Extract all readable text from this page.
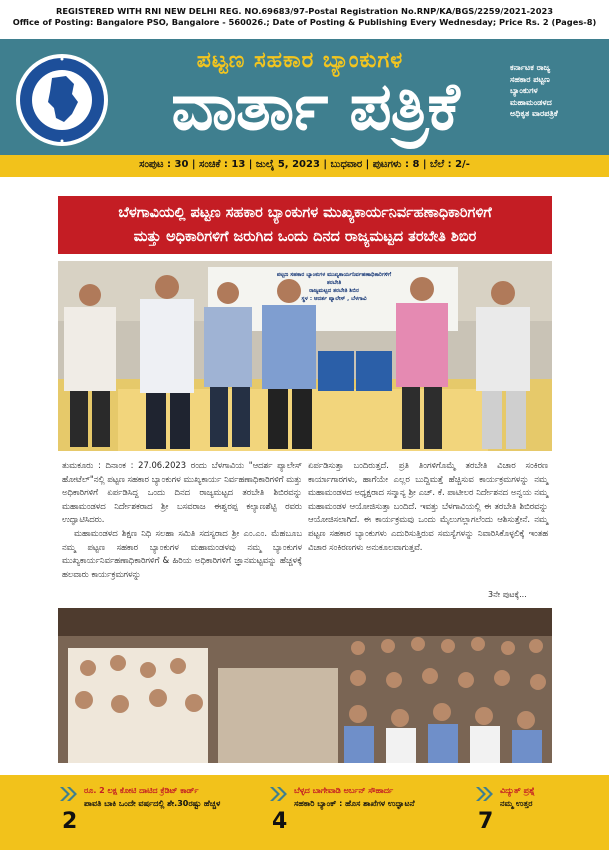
REGISTERED WITH RNI NEW DELHI REG. NO.69683/97-Postal Registration No.RNP/KA/BGS/2259/2021-2023
Office of Posting: Bangalore PSO, Bangalore - 560026.; Date of Posting & Publishing Every Wednesday; Price Rs. 2 (Pages-8)
ಪಟ್ಟಣ ಸಹಕಾರ ಬ್ಯಾಂಕುಗಳ
ವಾರ್ತಾ ಪತ್ರಿಕೆ	ಕರ್ನಾಟಕ ರಾಜ್ಯ
ಸಹಕಾರ ಪಟ್ಟಣ
ಬ್ಯಾಂಕುಗಳ
ಮಹಾಮಂಡಳದ
ಅಧಿಕೃತ ವಾರಪತ್ರಿಕೆ
ಸಂಪುಟ : 30 | ಸಂಚಿಕೆ : 13 | ಜುಲೈ 5, 2023 | ಬುಧವಾರ | ಪುಟಗಳು : 8 | ಬೆಲೆ : 2/-
ಬೆಳಗಾವಿಯಲ್ಲಿ ಪಟ್ಟಣ ಸಹಕಾರ ಬ್ಯಾಂಕುಗಳ ಮುಖ್ಯಕಾರ್ಯನಿರ್ವಹಣಾಧಿಕಾರಿಗಳಿಗೆ
ಮತ್ತು ಅಧಿಕಾರಿಗಳಿಗೆ ಜರುಗಿದ ಒಂದು ದಿನದ ರಾಜ್ಯಮಟ್ಟದ ತರಬೇತಿ ಶಿಬಿರ
ಪಟ್ಟಣ ಸಹಕಾರ ಬ್ಯಾಂಕುಗಳ ಮುಖ್ಯಕಾರ್ಯನಿರ್ವಹಣಾಧಿಕಾರಿಗಳಿಗೆ
ತರಬೇತಿ
ರಾಜ್ಯಮಟ್ಟದ ತರಬೇತಿ ಶಿಬಿರ
ಸ್ಥಳ : ಆದರ್ಶ ಪ್ಯಾಲೇಸ್ , ಬೆಳಗಾವಿ

ತುಮಕೂರು : ದಿನಾಂಕ : 27.06.2023 ರಂದು ಬೆಳಗಾವಿಯ "ಆದರ್ಶ ಪ್ಯಾಲೇಸ್ ಹೋಟೆಲ್"ನಲ್ಲಿ ಪಟ್ಟಣ ಸಹಕಾರ ಬ್ಯಾಂಕುಗಳ ಮುಖ್ಯಕಾರ್ಯ ನಿರ್ವಹಣಾಧಿಕಾರಿಗಳಿಗೆ ಮತ್ತು ಅಧಿಕಾರಿಗಳಿಗೆ ಏರ್ಪಡಿಸಿದ್ದ ಒಂದು ದಿನದ ರಾಜ್ಯಮಟ್ಟದ ತರಬೇತಿ ಶಿಬಿರವನ್ನು ಮಹಾಮಂಡಳದ ನಿರ್ದೇಶಕರಾದ ಶ್ರೀ ಬಸವರಾಜ ಈಶ್ವರಪ್ಪ ಕಲ್ಯಾಣಶೆಟ್ಟಿ ರವರು ಉದ್ಘಾಟಿಸಿದರು.

ಮಹಾಮಂಡಳದ ಶಿಕ್ಷಣ ನಿಧಿ ಸಲಹಾ ಸಮಿತಿ ಸದಸ್ಯರಾದ ಶ್ರೀ ಎಂ.ಎಂ. ಮೆಹಬೂಬ ನಮ್ಮ ಪಟ್ಟಣ ಸಹಕಾರ ಬ್ಯಾಂಕುಗಳ ಮಹಾಮಂಡಳವು ನಮ್ಮ ಬ್ಯಾಂಕುಗಳ ಮುಖ್ಯಕಾರ್ಯನಿರ್ವಹಣಾಧಿಕಾರಿಗಳಿಗೆ & ಹಿರಿಯ ಅಧಿಕಾರಿಗಳಿಗೆ ಜ್ಞಾನಮಟ್ಟವನ್ನು ಹೆಚ್ಚಳಕ್ಕೆ ಹಲವಾರು ಕಾರ್ಯಕ್ರಮಗಳನ್ನು

ಏರ್ಪಡಿಸುತ್ತಾ ಬಂದಿರುತ್ತದೆ. ಪ್ರತಿ ತಿಂಗಳಿಗೊಮ್ಮೆ ತರಬೇತಿ ವಿಚಾರ ಸಂಕಿರಣ ಕಾರ್ಯಾಗಾರಗಳು, ಹಾಗೆಯೇ ಎಲ್ಲರ ಬುದ್ದಿಮತ್ತೆ ಹೆಚ್ಚಿಸುವ ಕಾರ್ಯಕ್ರಮಗಳನ್ನು ನಮ್ಮ ಮಹಾಮಂಡಳದ ಅಧ್ಯಕ್ಷರಾದ ಸನ್ಮಾನ್ಯ ಶ್ರೀ ಎಚ್. ಕೆ. ಪಾಟೀಲರ ನಿರ್ದೇಶನದ ಅನ್ವಯ ನಮ್ಮ ಮಹಾಮಂಡಳ ಆಯೋಜಿಸುತ್ತಾ ಬಂದಿದೆ. ಇವತ್ತು ಬೆಳಗಾವಿಯಲ್ಲಿ ಈ ತರಬೇತಿ ಶಿಬಿರವನ್ನು ಆಯೋಜಿಸಲಾಗಿದೆ. ಈ ಕಾರ್ಯಕ್ರಮವು ಒಂದು ಮೈಲುಗಲ್ಲಾಗಲೆಂದು ಆಶಿಸುತ್ತೇನೆ. ನಮ್ಮ ಪಟ್ಟಣ ಸಹಕಾರ ಬ್ಯಾಂಕುಗಳು ಎದುರಿಸುತ್ತಿರುವ ಸಮಸ್ಯೆಗಳನ್ನು ನಿವಾರಿಸಿಕೊಳ್ಳಲಿಕ್ಕೆ ಇಂತಹ ವಿಚಾರ ಸಂಕಿರಣಗಳು ಅನುಕೂಲವಾಗುತ್ತವೆ.

3ನೇ ಪುಟಕ್ಕೆ...
ರೂ. 2 ಲಕ್ಷ ಕೋಟಿ ದಾಟಿದ ಕ್ರೆಡಿಟ್ ಕಾರ್ಡ್
ಪಾವತಿ ಬಾಕಿ ಒಂದೇ ವರ್ಷದಲ್ಲಿ ಶೇ.30ರಷ್ಟು ಹೆಚ್ಚಳ
2
ಬೆಳ್ಳದ ಬಾಗೇವಾಡಿ ಅರ್ಬನ್ ಸೌಹಾರ್ದ
ಸಹಕಾರಿ ಬ್ಯಾಂಕ್ : ಹೊಸ ಶಾಖೆಗಳ ಉದ್ಘಾಟನೆ
4
ವಿದ್ಯುತ್ ಪ್ರಶ್ನೆ
ನಮ್ಮ ಉತ್ತರ
7
